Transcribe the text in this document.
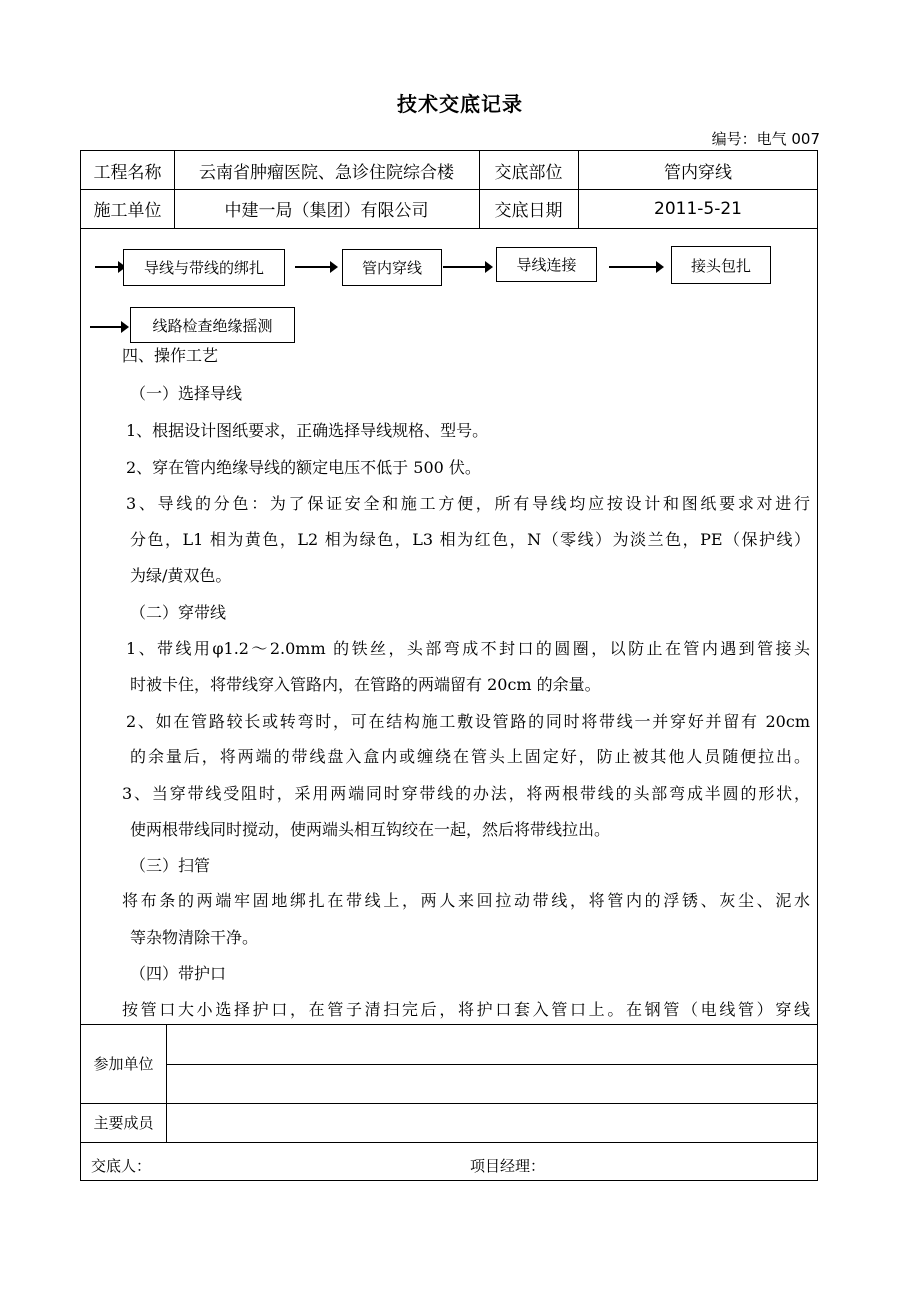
技术交底记录
编号：电气 007
工程名称	云南省肿瘤医院、急诊住院综合楼	交底部位	管内穿线
施工单位	中建一局（集团）有限公司	交底日期	2011-5-21
参加单位
主要成员
导线与带线的绑扎	管内穿线	导线连接	接头包扎
线路检查绝缘摇测
四、操作工艺
（一）选择导线
1、根据设计图纸要求，正确选择导线规格、型号。
2、穿在管内绝缘导线的额定电压不低于 500 伏。
3、导线的分色：为了保证安全和施工方便，所有导线均应按设计和图纸要求对进行
分色，L1 相为黄色，L2 相为绿色，L3 相为红色，N（零线）为淡兰色，PE（保护线）
为绿/黄双色。
（二）穿带线
1、带线用φ1.2～2.0mm 的铁丝，头部弯成不封口的圆圈，以防止在管内遇到管接头
时被卡住，将带线穿入管路内，在管路的两端留有 20cm 的余量。
2、如在管路较长或转弯时，可在结构施工敷设管路的同时将带线一并穿好并留有 20cm
的余量后，将两端的带线盘入盒内或缠绕在管头上固定好，防止被其他人员随便拉出。
3、当穿带线受阻时，采用两端同时穿带线的办法，将两根带线的头部弯成半圆的形状，
使两根带线同时搅动，使两端头相互钩绞在一起，然后将带线拉出。
（三）扫管
将布条的两端牢固地绑扎在带线上，两人来回拉动带线，将管内的浮锈、灰尘、泥水
等杂物清除干净。
（四）带护口
按管口大小选择护口，在管子清扫完后，将护口套入管口上。在钢管（电线管）穿线
交底人：	项目经理：
